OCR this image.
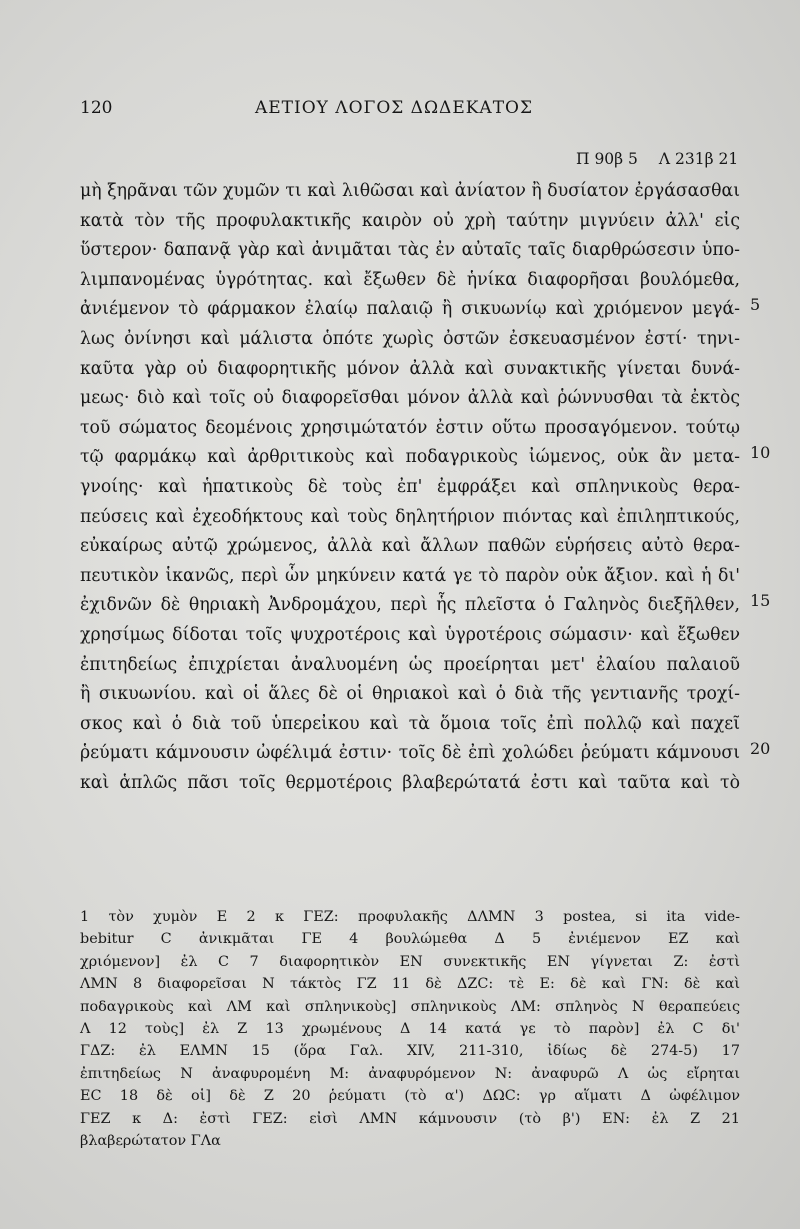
120	ΑΕΤΙΟΥ ΛΟΓΟΣ ΔΩΔΕΚΑΤΟΣ
Π 90β 5 Λ 231β 21
μὴ ξηρᾶναι τῶν χυμῶν τι καὶ λιθῶσαι καὶ ἀνίατον ἢ δυσίατον ἐργάσασθαι
κατὰ τὸν τῆς προφυλακτικῆς καιρὸν οὐ χρὴ ταύτην μιγνύειν ἀλλ' εἰς
ὕστερον· δαπανᾷ γὰρ καὶ ἀνιμᾶται τὰς ἐν αὐταῖς ταῖς διαρθρώσεσιν ὑπο-
λιμπανομένας ὑγρότητας. καὶ ἔξωθεν δὲ ἡνίκα διαφορῆσαι βουλόμεθα,
ἀνιέμενον τὸ φάρμακον ἐλαίῳ παλαιῷ ἢ σικυωνίῳ καὶ χριόμενον μεγά- 5
λως ὀνίνησι καὶ μάλιστα ὁπότε χωρὶς ὀστῶν ἐσκευασμένον ἐστί· τηνι-
καῦτα γὰρ οὐ διαφορητικῆς μόνον ἀλλὰ καὶ συνακτικῆς γίνεται δυνά-
μεως· διὸ καὶ τοῖς οὐ διαφορεῖσθαι μόνον ἀλλὰ καὶ ῥώννυσθαι τὰ ἐκτὸς
τοῦ σώματος δεομένοις χρησιμώτατόν ἐστιν οὕτω προσαγόμενον. τούτῳ
τῷ φαρμάκῳ καὶ ἀρθριτικοὺς καὶ ποδαγρικοὺς ἰώμενος, οὐκ ἂν μετα- 10
γνοίης· καὶ ἡπατικοὺς δὲ τοὺς ἐπ' ἐμφράξει καὶ σπληνικοὺς θερα-
πεύσεις καὶ ἐχεοδήκτους καὶ τοὺς δηλητήριον πιόντας καὶ ἐπιληπτικούς,
εὐκαίρως αὐτῷ χρώμενος, ἀλλὰ καὶ ἄλλων παθῶν εὑρήσεις αὐτὸ θερα-
πευτικὸν ἱκανῶς, περὶ ὧν μηκύνειν κατά γε τὸ παρὸν οὐκ ἄξιον. καὶ ἡ δι'
ἐχιδνῶν δὲ θηριακὴ Ἀνδρομάχου, περὶ ἧς πλεῖστα ὁ Γαληνὸς διεξῆλθεν, 15
χρησίμως δίδοται τοῖς ψυχροτέροις καὶ ὑγροτέροις σώμασιν· καὶ ἔξωθεν
ἐπιτηδείως ἐπιχρίεται ἀναλυομένη ὡς προείρηται μετ' ἐλαίου παλαιοῦ
ἢ σικυωνίου. καὶ οἱ ἅλες δὲ οἱ θηριακοὶ καὶ ὁ διὰ τῆς γεντιανῆς τροχί-
σκος καὶ ὁ διὰ τοῦ ὑπερεἰκου καὶ τὰ ὅμοια τοῖς ἐπὶ πολλῷ καὶ παχεῖ
ῥεύματι κάμνουσιν ὠφέλιμά ἐστιν· τοῖς δὲ ἐπὶ χολώδει ῥεύματι κάμνουσι 20
καὶ ἁπλῶς πᾶσι τοῖς θερμοτέροις βλαβερώτατά ἐστι καὶ ταῦτα καὶ τὸ
1 τὸν χυμὸν E 2 κ ΓΕΖ: προφυλακῆς ΔΛΜΝ 3 postea, si ita vide-
bebitur C ἀνικμᾶται ΓΕ 4 βουλώμεθα Δ 5 ἐνιέμενον ΕΖ καὶ
χριόμενον] ἐλ C 7 διαφορητικὸν ΕΝ συνεκτικῆς ΕΝ γίγνεται Ζ: ἐστὶ
ΛΜΝ 8 διαφορεῖσαι Ν τάκτὸς ΓΖ 11 δὲ ΔΖC: τὲ Ε: δὲ καὶ ΓΝ: δὲ καὶ
ποδαγρικοὺς καὶ ΛΜ καὶ σπληνικοὺς] σπληνικοὺς ΛΜ: σπληνὸς Ν θεραπεύεις
Λ 12 τοὺς] ἐλ Ζ 13 χρωμένους Δ 14 κατά γε τὸ παρὸν] ἐλ C δι'
ΓΔΖ: ἐλ ΕΛΜΝ 15 (ὅρα Γαλ. XIV, 211-310, ἰδίως δὲ 274-5) 17
ἐπιτηδείως Ν ἀναφυρομένη Μ: ἀναφυρόμενον Ν: ἀναφυρῶ Λ ὡς εἴρηται
EC 18 δὲ οἱ] δὲ Ζ 20 ῥεύματι (τὸ α') ΔΩC: γρ αἵματι Δ ὠφέλιμον
ΓΕΖ κ Δ: ἐστὶ ΓΕΖ: εἰσὶ ΛΜΝ κάμνουσιν (τὸ β') ΕΝ: ἐλ Ζ 21
βλαβερώτατον ΓΛα
